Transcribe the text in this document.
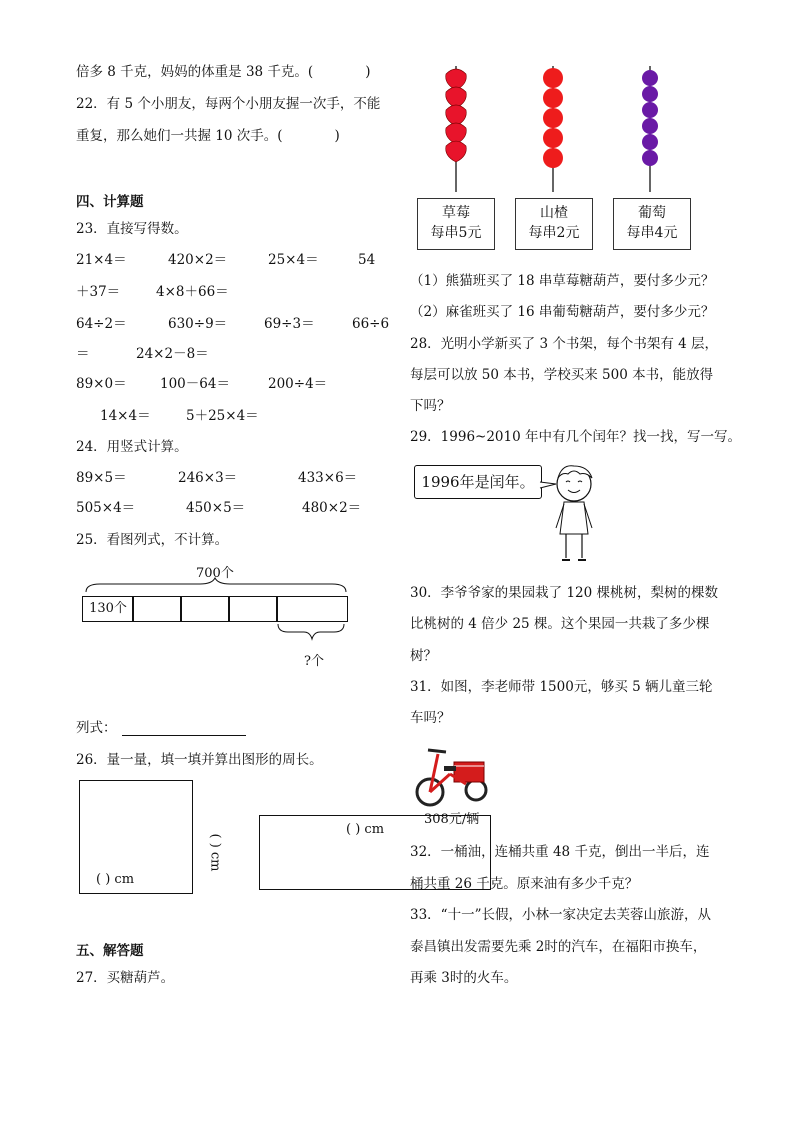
倍多 8 千克，妈妈的体重是 38 千克。(	)
22．有 5 个小朋友，每两个小朋友握一次手，不能
重复，那么她们一共握 10 次手。(	)
四、计算题
23．直接写得数。
21×4＝	420×2＝	25×4＝	54
＋37＝	4×8＋66＝
64÷2＝	630÷9＝	69÷3＝	66÷6
＝	24×2－8＝
89×0＝ 100－64＝	200÷4＝
14×4＝	5＋25×4＝
24．用竖式计算。
89×5＝	246×3＝	433×6＝
505×4＝	450×5＝	480×2＝
25．看图列式，不计算。
700个
130个
?个
列式：
26．量一量，填一填并算出图形的周长。
( ) cm
( ) cm
( ) cm
五、解答题
27．买糖葫芦。
草莓
每串5元
山楂
每串2元
葡萄
每串4元
（1）熊猫班买了 18 串草莓糖葫芦，要付多少元？
（2）麻雀班买了 16 串葡萄糖葫芦，要付多少元？
28．光明小学新买了 3 个书架，每个书架有 4 层，
每层可以放 50 本书，学校买来 500 本书，能放得
下吗？
29．1996~2010 年中有几个闰年？找一找，写一写。
1996年是闰年。
30．李爷爷家的果园栽了 120 棵桃树，梨树的棵数
比桃树的 4 倍少 25 棵。这个果园一共栽了多少棵
树？
31．如图，李老师带 1500元，够买 5 辆儿童三轮
车吗？
308元/辆
32．一桶油，连桶共重 48 千克，倒出一半后，连
桶共重 26 千克。原来油有多少千克？
33．“十一”长假，小林一家决定去芙蓉山旅游，从
泰昌镇出发需要先乘 2时的汽车，在福阳市换车，
再乘 3时的火车。
